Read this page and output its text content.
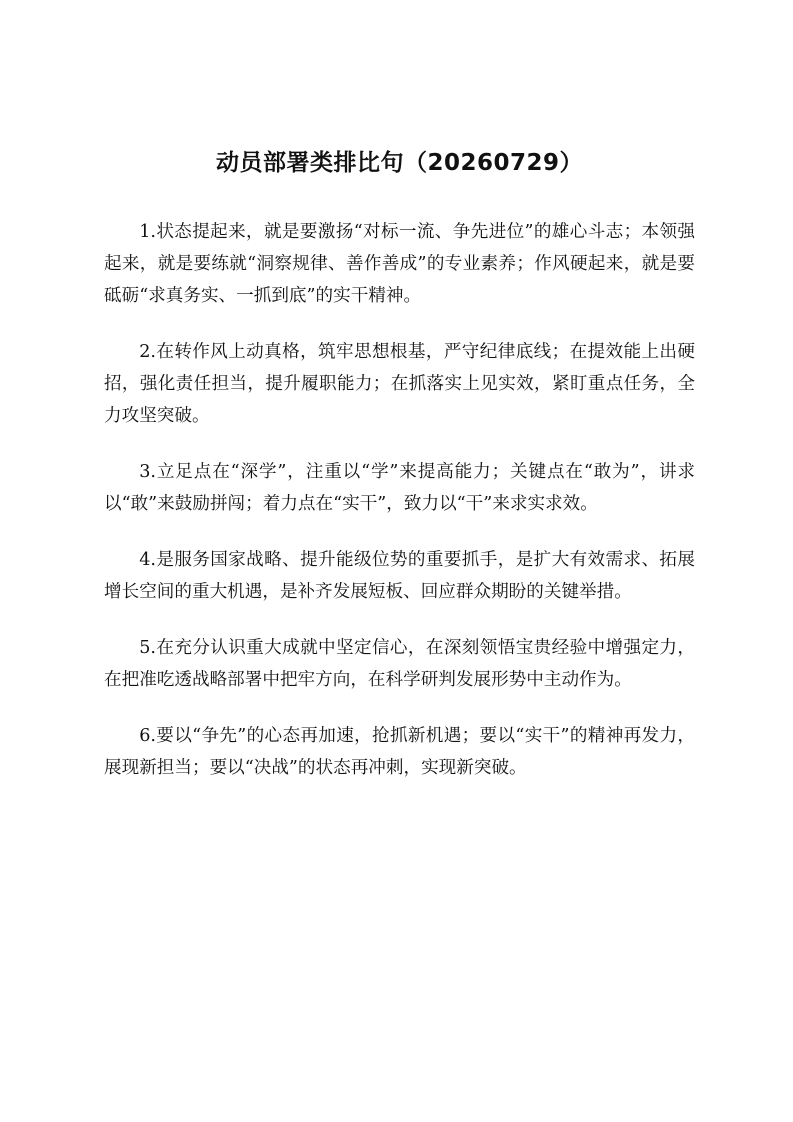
动员部署类排比句（20260729）

1.状态提起来，就是要激扬“对标一流、争先进位”的雄心斗志；本领强起来，就是要练就“洞察规律、善作善成”的专业素养；作风硬起来，就是要砥砺“求真务实、一抓到底”的实干精神。

2.在转作风上动真格，筑牢思想根基，严守纪律底线；在提效能上出硬招，强化责任担当，提升履职能力；在抓落实上见实效，紧盯重点任务，全力攻坚突破。

3.立足点在“深学”，注重以“学”来提高能力；关键点在“敢为”，讲求以“敢”来鼓励拼闯；着力点在“实干”，致力以“干”来求实求效。

4.是服务国家战略、提升能级位势的重要抓手，是扩大有效需求、拓展增长空间的重大机遇，是补齐发展短板、回应群众期盼的关键举措。

5.在充分认识重大成就中坚定信心，在深刻领悟宝贵经验中增强定力，在把准吃透战略部署中把牢方向，在科学研判发展形势中主动作为。

6.要以“争先”的心态再加速，抢抓新机遇；要以“实干”的精神再发力，展现新担当；要以“决战”的状态再冲刺，实现新突破。
